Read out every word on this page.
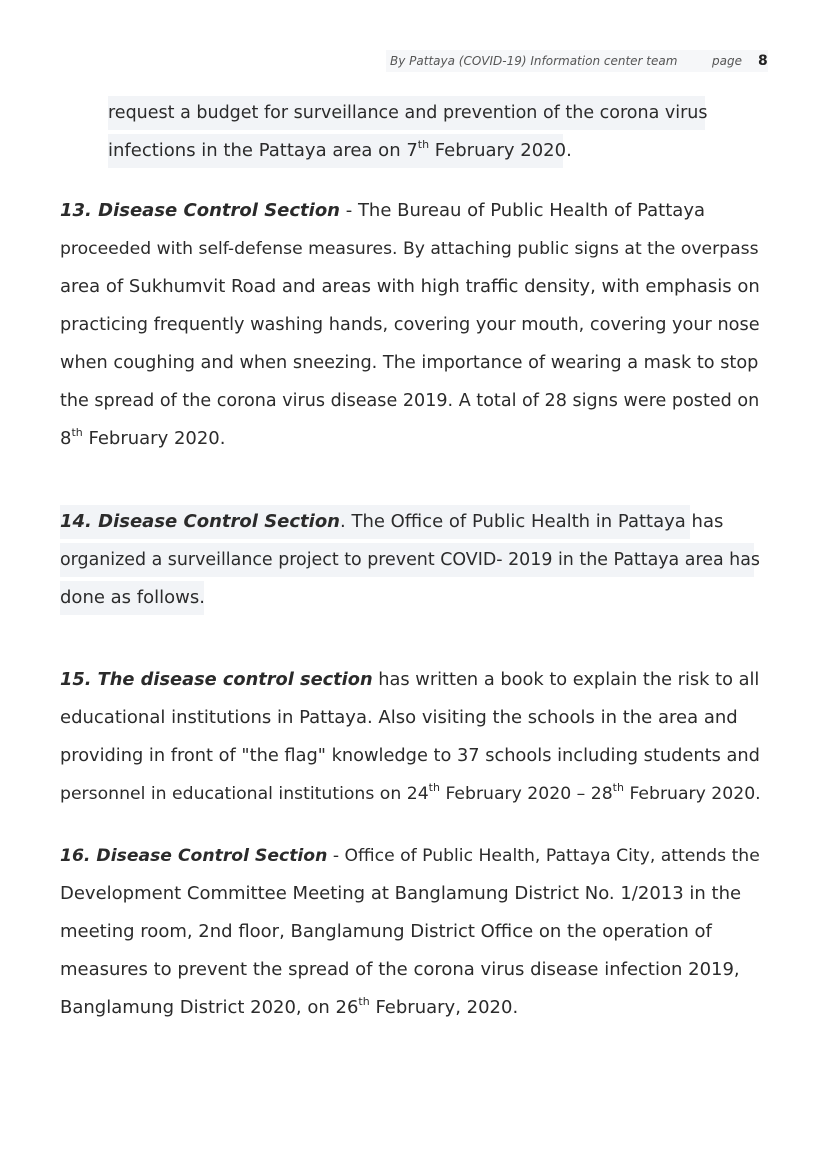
By Pattaya (COVID-19) Information center team	page 8
request a budget for surveillance and prevention of the corona virus
infections in the Pattaya area on 7th February 2020.
13. Disease Control Section - The Bureau of Public Health of Pattaya
proceeded with self-defense measures. By attaching public signs at the overpass
area of Sukhumvit Road and areas with high traffic density, with emphasis on
practicing frequently washing hands, covering your mouth, covering your nose
when coughing and when sneezing. The importance of wearing a mask to stop
the spread of the corona virus disease 2019. A total of 28 signs were posted on
8th February 2020.
14. Disease Control Section. The Office of Public Health in Pattaya has
organized a surveillance project to prevent COVID- 2019 in the Pattaya area has
done as follows.
15. The disease control section has written a book to explain the risk to all
educational institutions in Pattaya. Also visiting the schools in the area and
providing in front of "the flag" knowledge to 37 schools including students and
personnel in educational institutions on 24th February 2020 – 28th February 2020.
16. Disease Control Section - Office of Public Health, Pattaya City, attends the
Development Committee Meeting at Banglamung District No. 1/2013 in the
meeting room, 2nd floor, Banglamung District Office on the operation of
measures to prevent the spread of the corona virus disease infection 2019,
Banglamung District 2020, on 26th February, 2020.
